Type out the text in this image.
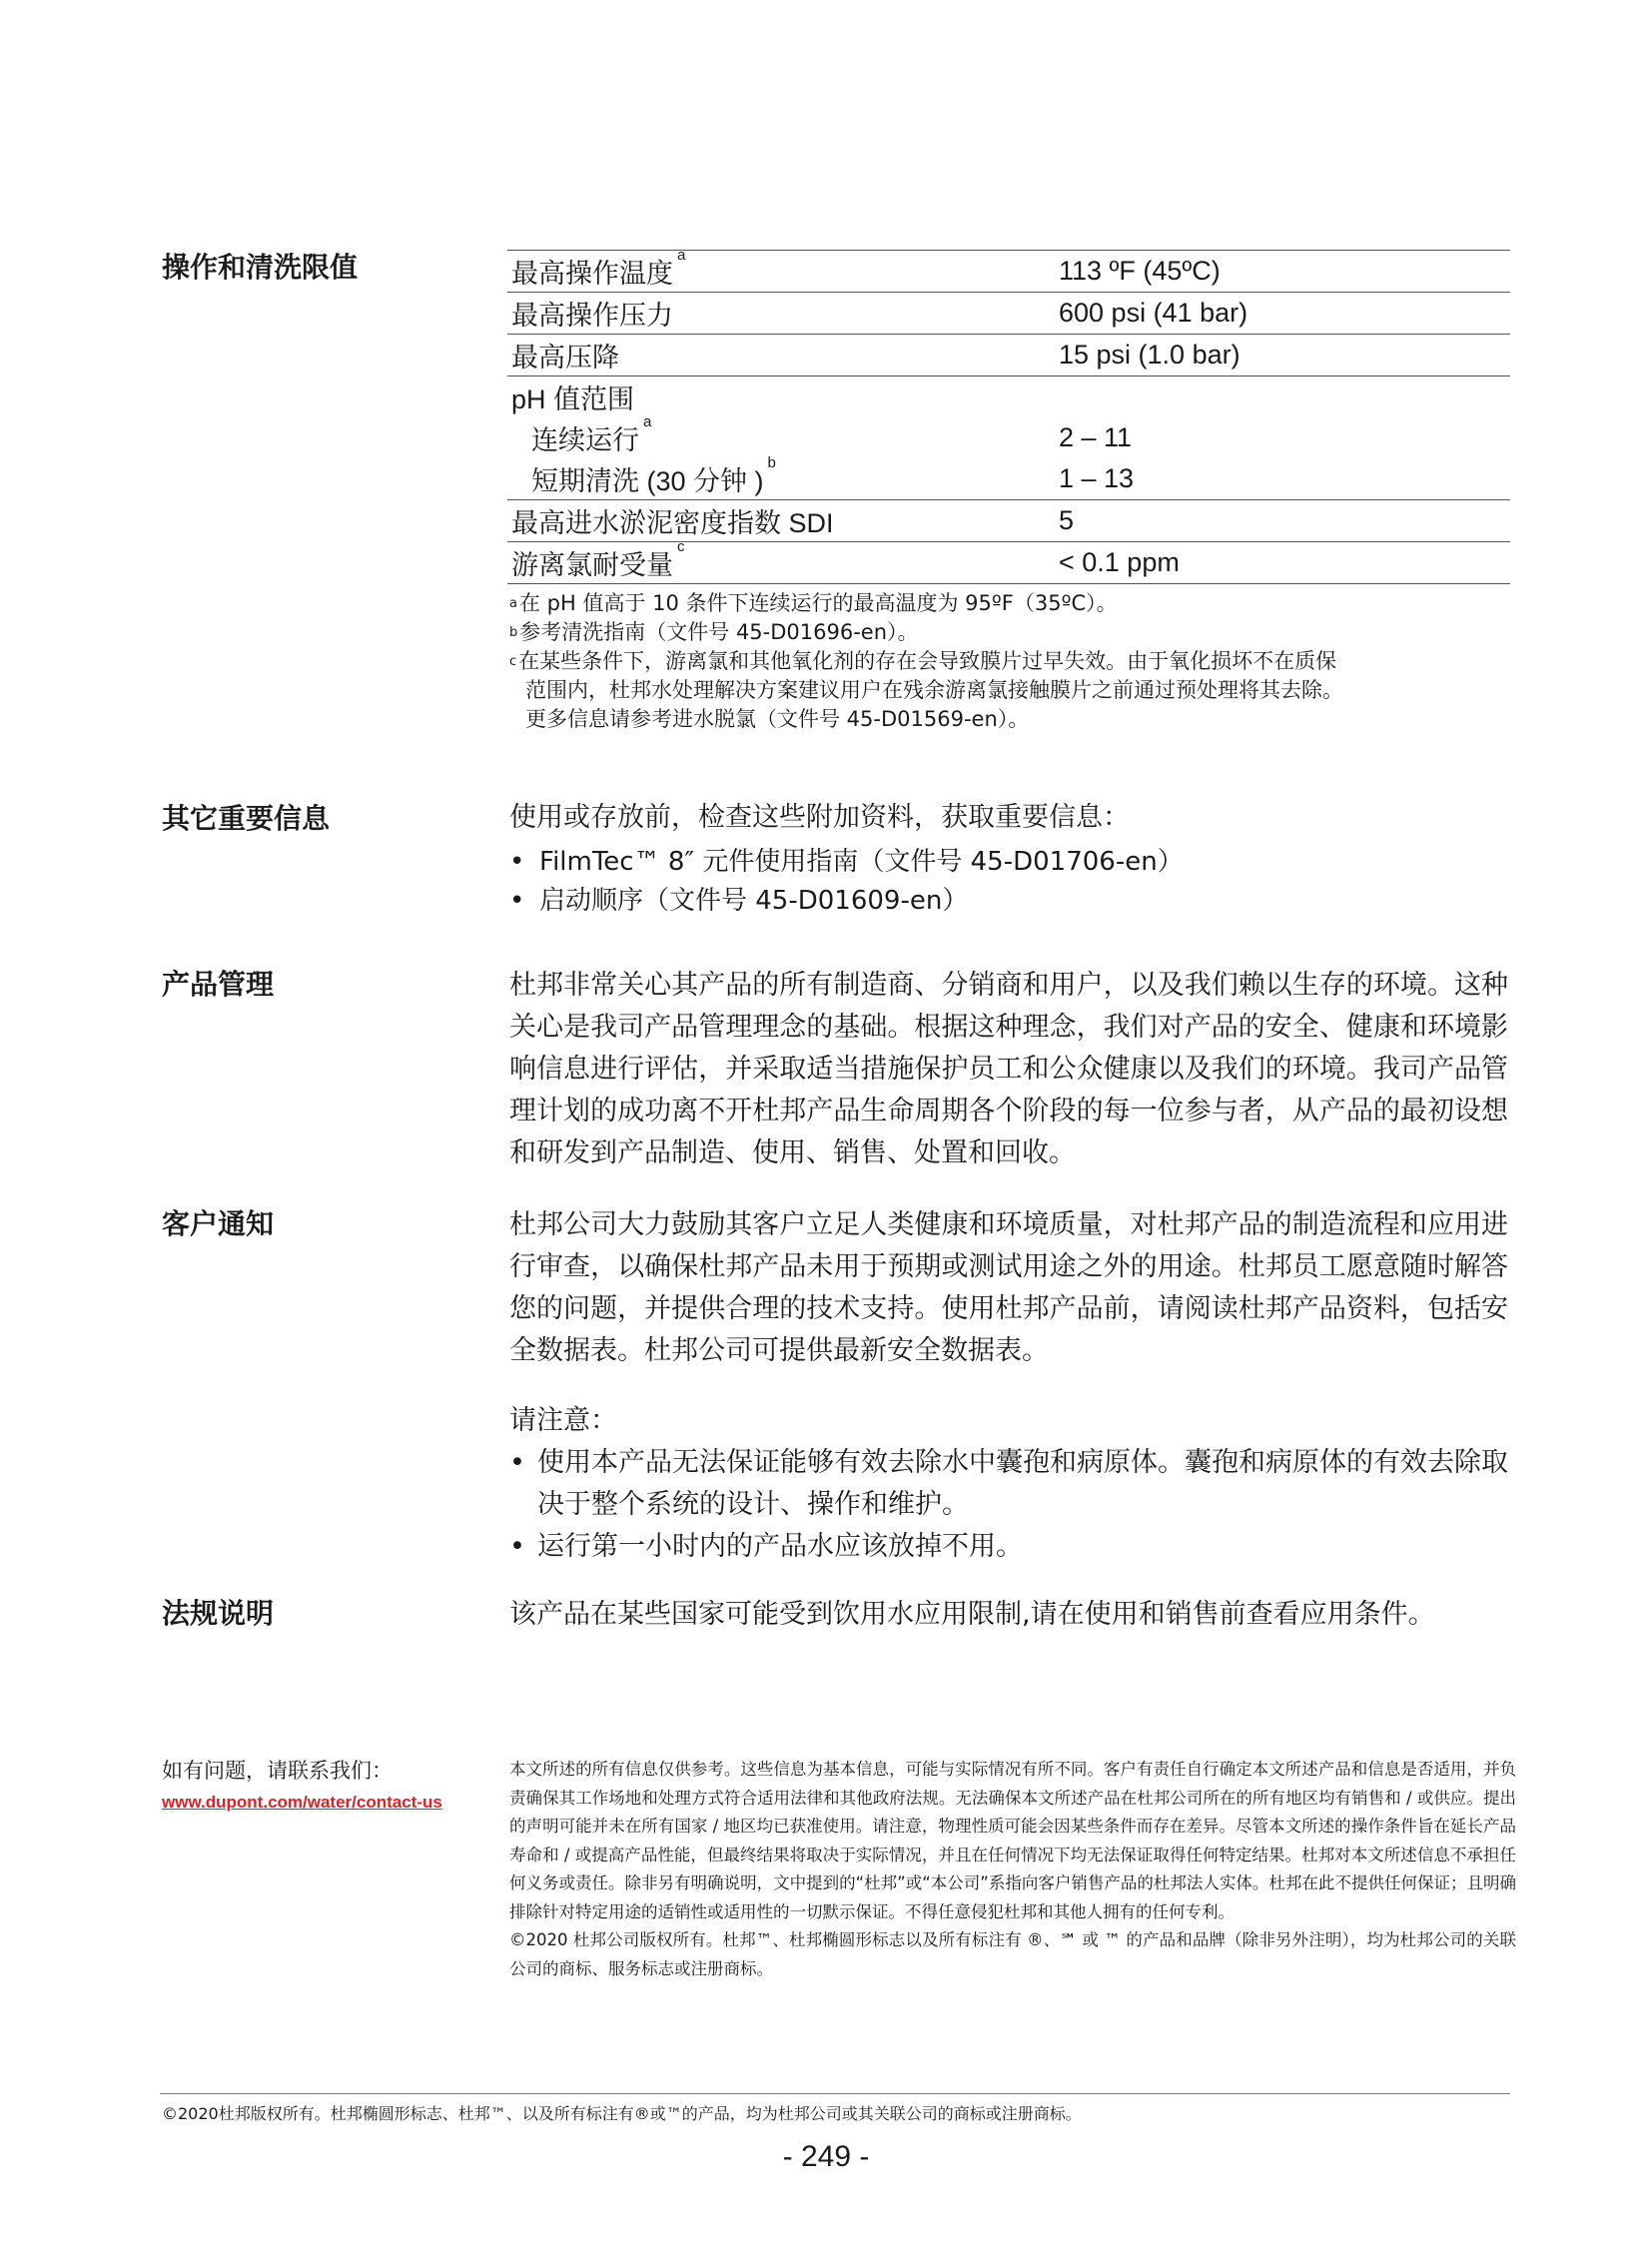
操作和清洗限值	最高操作温度$^a$	113 ºF (45ºC)
最高操作压力	600 psi (41 bar)
最高压降	15 psi (1.0 bar)
pH 值范围	
连续运行$^a$	2 – 11
短期清洗 (30 分钟 )$^b$	1 – 13
最高进水淤泥密度指数 SDI	5
游离氯耐受量$^c$	< 0.1 ppm
$^a$在 pH 值高于 10 条件下连续运行的最高温度为 95ºF（35ºC）。
$^b$参考清洗指南（文件号 45-D01696-en）。
$^c$在某些条件下，游离氯和其他氧化剂的存在会导致膜片过早失效。由于氧化损坏不在质保
范围内，杜邦水处理解决方案建议用户在残余游离氯接触膜片之前通过预处理将其去除。
更多信息请参考进水脱氯（文件号 45-D01569-en）。
其它重要信息	使用或存放前，检查这些附加资料，获取重要信息：
• FilmTec™ 8″ 元件使用指南（文件号 45-D01706-en）
• 启动顺序（文件号 45-D01609-en）
产品管理	杜邦非常关心其产品的所有制造商、分销商和用户，以及我们赖以生存的环境。这种关心是我司产品管理理念的基础。根据这种理念，我们对产品的安全、健康和环境影响信息进行评估，并采取适当措施保护员工和公众健康以及我们的环境。我司产品管理计划的成功离不开杜邦产品生命周期各个阶段的每一位参与者，从产品的最初设想和研发到产品制造、使用、销售、处置和回收。
客户通知	杜邦公司大力鼓励其客户立足人类健康和环境质量，对杜邦产品的制造流程和应用进行审查，以确保杜邦产品未用于预期或测试用途之外的用途。杜邦员工愿意随时解答您的问题，并提供合理的技术支持。使用杜邦产品前，请阅读杜邦产品资料，包括安全数据表。杜邦公司可提供最新安全数据表。
请注意：
• 使用本产品无法保证能够有效去除水中囊孢和病原体。囊孢和病原体的有效去除取决于整个系统的设计、操作和维护。
• 运行第一小时内的产品水应该放掉不用。
法规说明	该产品在某些国家可能受到饮用水应用限制,请在使用和销售前查看应用条件。
如有问题，请联系我们：
www.dupont.com/water/contact-us
本文所述的所有信息仅供参考。这些信息为基本信息，可能与实际情况有所不同。客户有责任自行确定本文所述产品和信息是否适用，并负责确保其工作场地和处理方式符合适用法律和其他政府法规。无法确保本文所述产品在杜邦公司所在的所有地区均有销售和 / 或供应。提出的声明可能并未在所有国家 / 地区均已获准使用。请注意，物理性质可能会因某些条件而存在差异。尽管本文所述的操作条件旨在延长产品寿命和 / 或提高产品性能，但最终结果将取决于实际情况，并且在任何情况下均无法保证取得任何特定结果。杜邦对本文所述信息不承担任何义务或责任。除非另有明确说明，文中提到的“杜邦”或“本公司”系指向客户销售产品的杜邦法人实体。杜邦在此不提供任何保证；且明确排除针对特定用途的适销性或适用性的一切默示保证。不得任意侵犯杜邦和其他人拥有的任何专利。
©2020 杜邦公司版权所有。杜邦™、杜邦椭圆形标志以及所有标注有 ®、℠ 或 ™ 的产品和品牌（除非另外注明），均为杜邦公司的关联公司的商标、服务标志或注册商标。
©2020杜邦版权所有。杜邦椭圆形标志、杜邦™、以及所有标注有®或™的产品，均为杜邦公司或其关联公司的商标或注册商标。
- 249 -
